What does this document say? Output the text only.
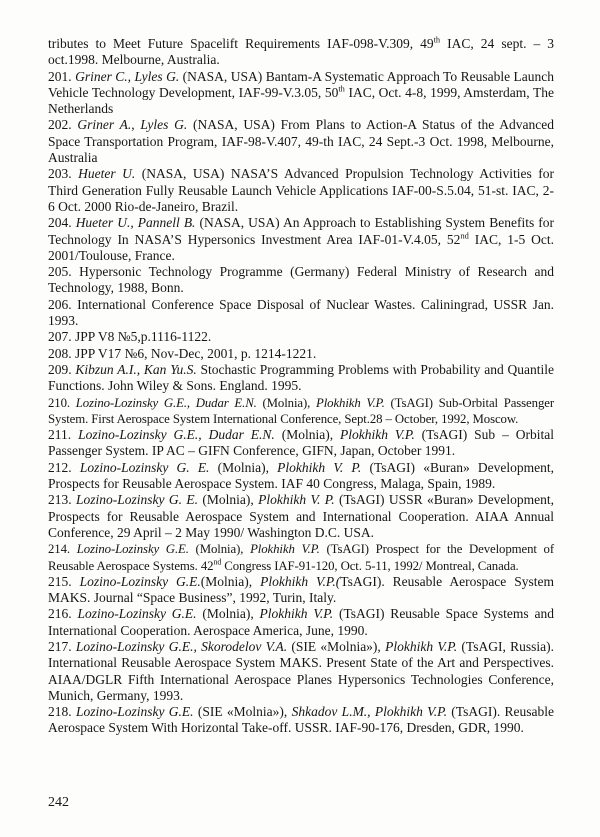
tributes to Meet Future Spacelift Requirements IAF-098-V.309, 49th IAC, 24 sept. – 3 oct.1998. Melbourne, Australia.

201. Griner C., Lyles G. (NASA, USA) Bantam-A Systematic Approach To Reusable Launch Vehicle Technology Development, IAF-99-V.3.05, 50th IAC, Oct. 4-8, 1999, Amsterdam, The Netherlands

202. Griner A., Lyles G. (NASA, USA) From Plans to Action-A Status of the Advanced Space Transportation Program, IAF-98-V.407, 49-th IAC, 24 Sept.-3 Oct. 1998, Melbourne, Australia

203. Hueter U. (NASA, USA) NASA’S Advanced Propulsion Technology Activities for Third Generation Fully Reusable Launch Vehicle Applications IAF-00-S.5.04, 51-st. IAC, 2-6 Oct. 2000 Rio-de-Janeiro, Brazil.

204. Hueter U., Pannell B. (NASA, USA) An Approach to Establishing System Benefits for Technology In NASA’S Hypersonics Investment Area IAF-01-V.4.05, 52nd IAC, 1-5 Oct. 2001/Toulouse, France.

205. Hypersonic Technology Programme (Germany) Federal Ministry of Research and Technology, 1988, Bonn.

206. International Conference Space Disposal of Nuclear Wastes. Caliningrad, USSR Jan. 1993.

207. JPP V8 №5,p.1116-1122.

208. JPP V17 №6, Nov-Dec, 2001, p. 1214-1221.

209. Kibzun A.I., Kan Yu.S. Stochastic Programming Problems with Probability and Quantile Functions. John Wiley & Sons. England. 1995.

210. Lozino-Lozinsky G.E., Dudar E.N. (Molnia), Plokhikh V.P. (TsAGI) Sub-Orbital Passenger System. First Aerospace System International Conference, Sept.28 – October, 1992, Moscow.

211. Lozino-Lozinsky G.E., Dudar E.N. (Molnia), Plokhikh V.P. (TsAGI) Sub – Orbital Passenger System. IP AC – GIFN Conference, GIFN, Japan, October 1991.

212. Lozino-Lozinsky G. E. (Molnia), Plokhikh V. P. (TsAGI) «Buran» Development, Prospects for Reusable Aerospace System. IAF 40 Congress, Malaga, Spain, 1989.

213. Lozino-Lozinsky G. E. (Molnia), Plokhikh V. P. (TsAGI) USSR «Buran» Development, Prospects for Reusable Aerospace System and International Cooperation. AIAA Annual Conference, 29 April – 2 May 1990/ Washington D.C. USA.

214. Lozino-Lozinsky G.E. (Molnia), Plokhikh V.P. (TsAGI) Prospect for the Development of Reusable Aerospace Systems. 42nd Congress IAF-91-120, Oct. 5-11, 1992/ Montreal, Canada.

215. Lozino-Lozinsky G.E.(Molnia), Plokhikh V.P.(TsAGI). Reusable Aerospace System MAKS. Journal “Space Business”, 1992, Turin, Italy.

216. Lozino-Lozinsky G.E. (Molnia), Plokhikh V.P. (TsAGI) Reusable Space Systems and International Cooperation. Aerospace America, June, 1990.

217. Lozino-Lozinsky G.E., Skorodelov V.A. (SIE «Molnia»), Plokhikh V.P. (TsAGI, Russia). International Reusable Aerospace System MAKS. Present State of the Art and Perspectives. AIAA/DGLR Fifth International Aerospace Planes Hypersonics Technologies Conference, Munich, Germany, 1993.

218. Lozino-Lozinsky G.E. (SIE «Molnia»), Shkadov L.M., Plokhikh V.P. (TsAGI). Reusable Aerospace System With Horizontal Take-off. USSR. IAF-90-176, Dresden, GDR, 1990.

242
